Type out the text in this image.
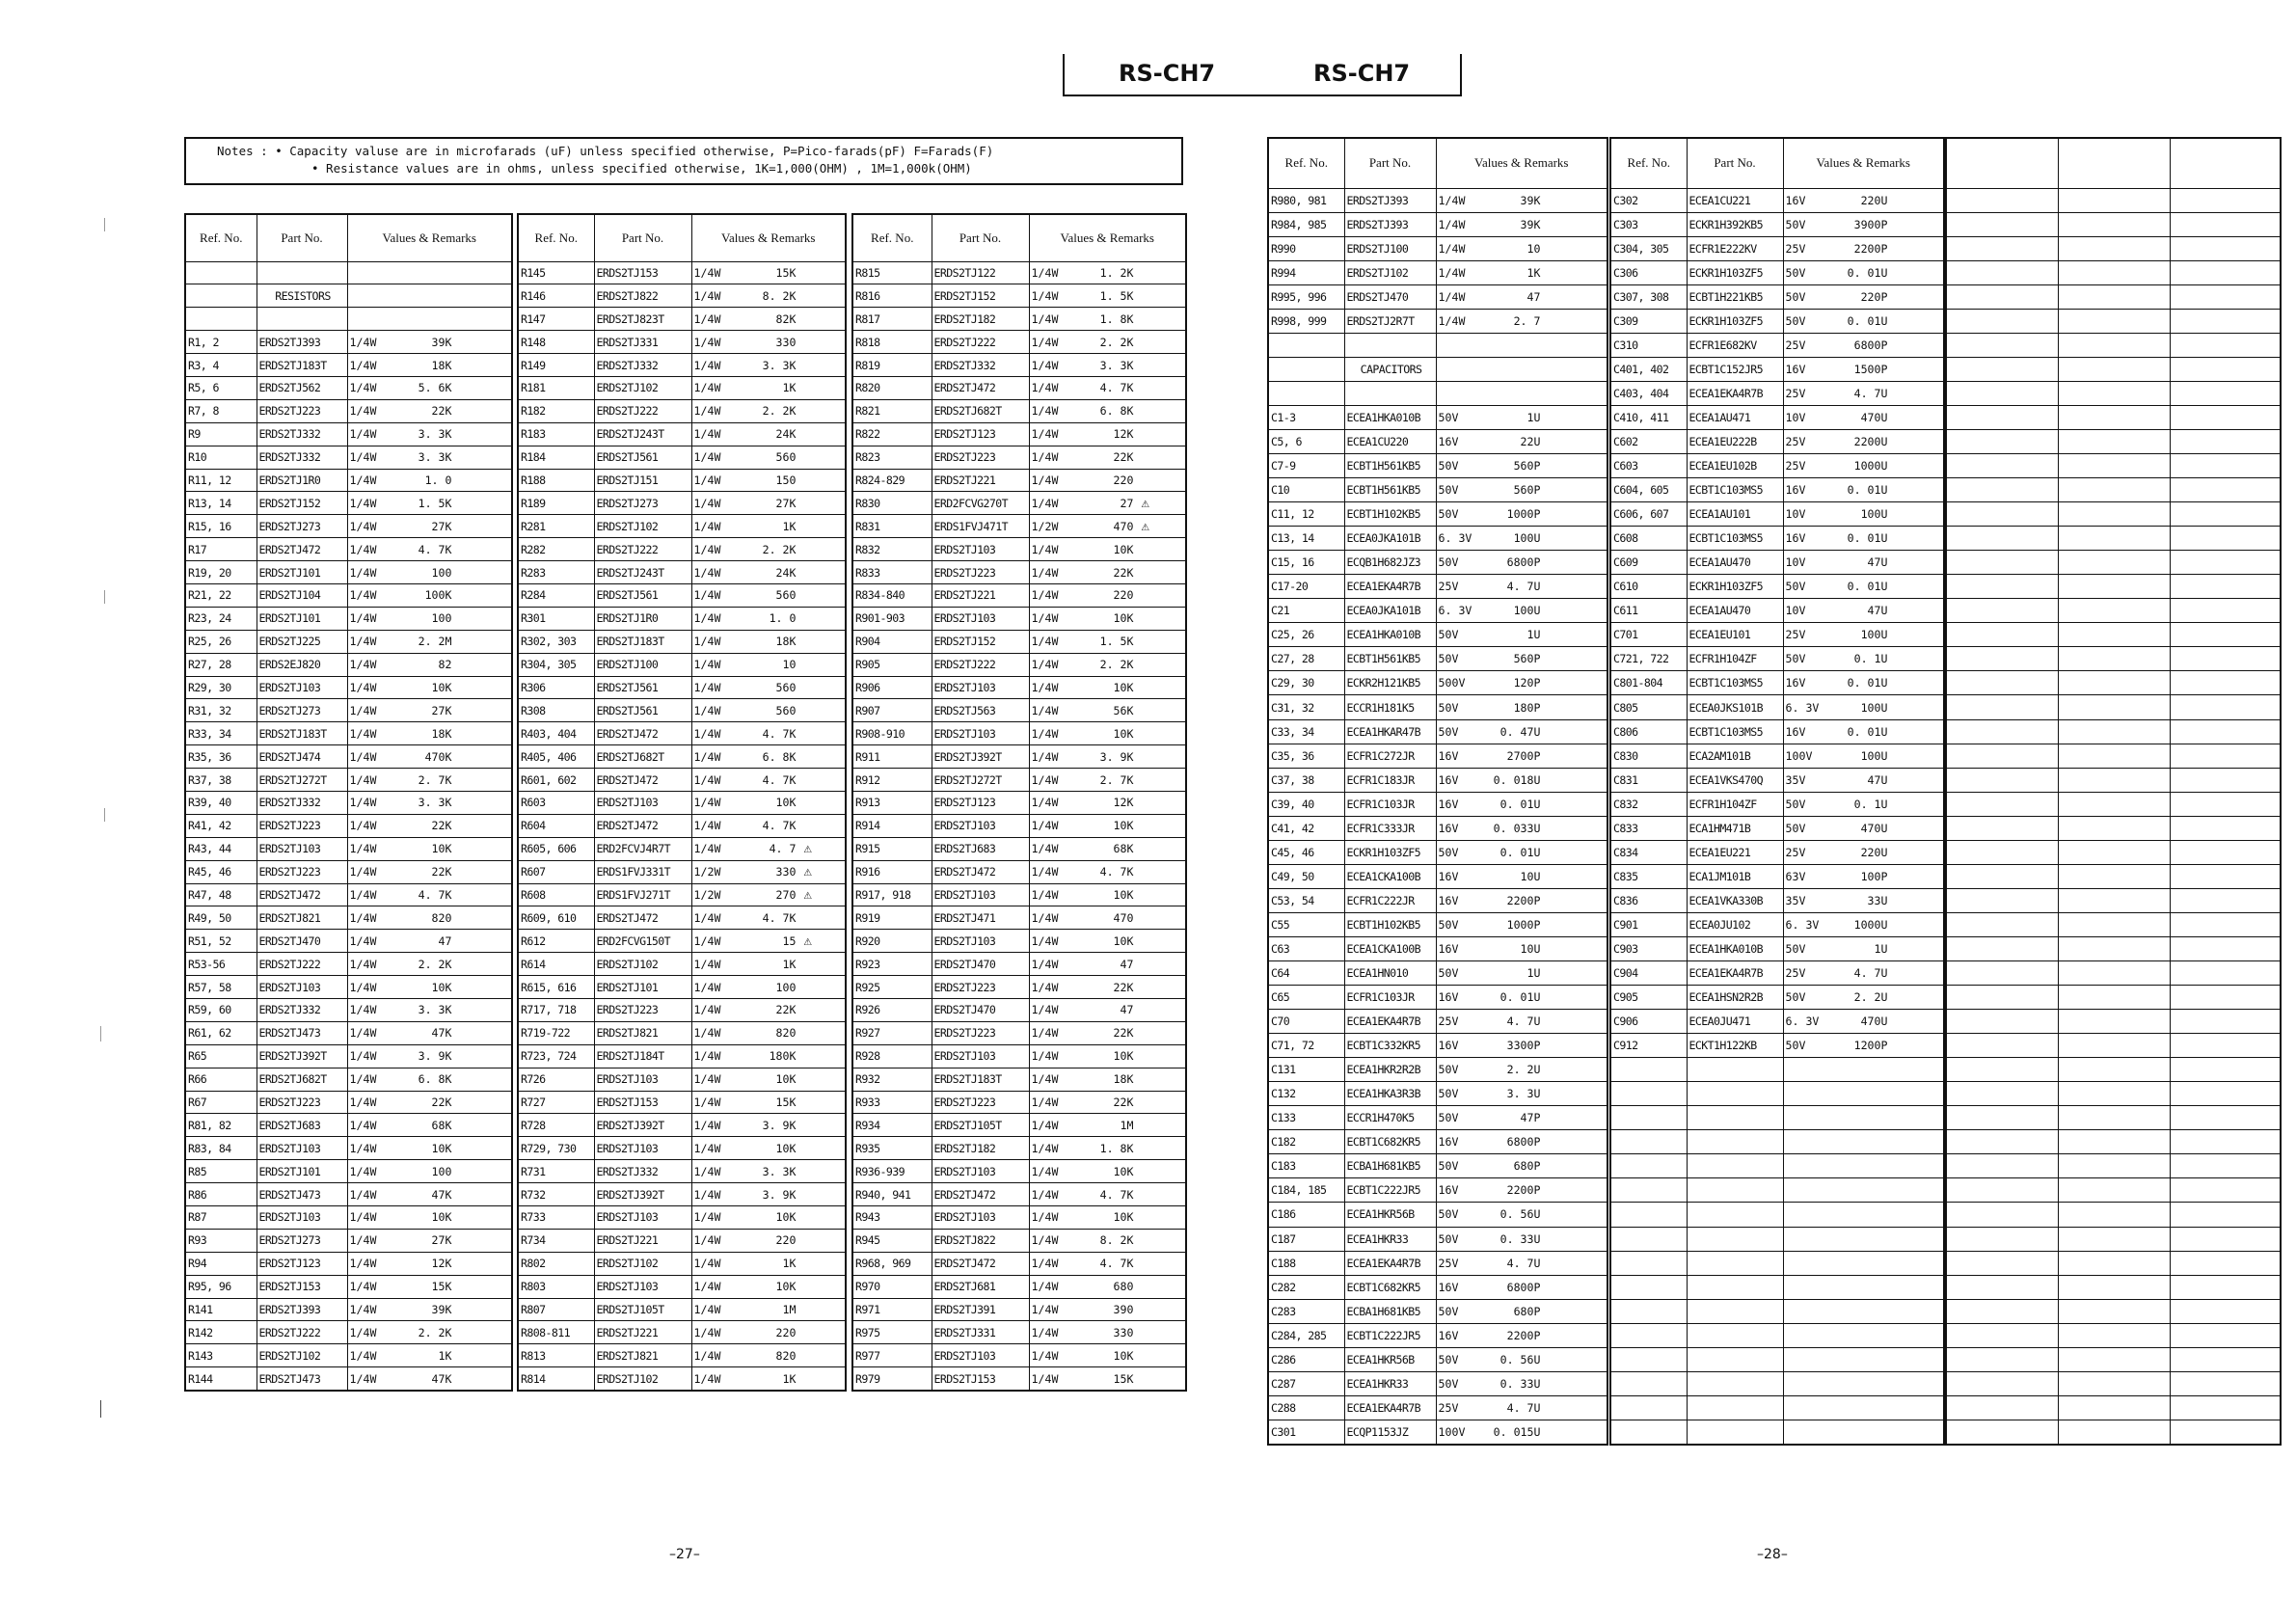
RS-CH7	RS-CH7
Notes : • Capacity valuse are in microfarads (uF) unless specified otherwise, P=Pico-farads(pF) F=Farads(F)
• Resistance values are in ohms, unless specified otherwise, 1K=1,000(OHM) , 1M=1,000k(OHM)
Ref. No.	Part No.	Values & Remarks

	RESISTORS	

R1, 2	ERDS2TJ393	1/4W 39K
R3, 4	ERDS2TJ183T	1/4W 18K
R5, 6	ERDS2TJ562	1/4W 5. 6K
R7, 8	ERDS2TJ223	1/4W 22K
R9	ERDS2TJ332	1/4W 3. 3K
R10	ERDS2TJ332	1/4W 3. 3K
R11, 12	ERDS2TJ1R0	1/4W 1. 0
R13, 14	ERDS2TJ152	1/4W 1. 5K
R15, 16	ERDS2TJ273	1/4W 27K
R17	ERDS2TJ472	1/4W 4. 7K
R19, 20	ERDS2TJ101	1/4W 100
R21, 22	ERDS2TJ104	1/4W 100K
R23, 24	ERDS2TJ101	1/4W 100
R25, 26	ERDS2TJ225	1/4W 2. 2M
R27, 28	ERDS2EJ820	1/4W 82
R29, 30	ERDS2TJ103	1/4W 10K
R31, 32	ERDS2TJ273	1/4W 27K
R33, 34	ERDS2TJ183T	1/4W 18K
R35, 36	ERDS2TJ474	1/4W 470K
R37, 38	ERDS2TJ272T	1/4W 2. 7K
R39, 40	ERDS2TJ332	1/4W 3. 3K
R41, 42	ERDS2TJ223	1/4W 22K
R43, 44	ERDS2TJ103	1/4W 10K
R45, 46	ERDS2TJ223	1/4W 22K
R47, 48	ERDS2TJ472	1/4W 4. 7K
R49, 50	ERDS2TJ821	1/4W 820
R51, 52	ERDS2TJ470	1/4W 47
R53-56	ERDS2TJ222	1/4W 2. 2K
R57, 58	ERDS2TJ103	1/4W 10K
R59, 60	ERDS2TJ332	1/4W 3. 3K
R61, 62	ERDS2TJ473	1/4W 47K
R65	ERDS2TJ392T	1/4W 3. 9K
R66	ERDS2TJ682T	1/4W 6. 8K
R67	ERDS2TJ223	1/4W 22K
R81, 82	ERDS2TJ683	1/4W 68K
R83, 84	ERDS2TJ103	1/4W 10K
R85	ERDS2TJ101	1/4W 100
R86	ERDS2TJ473	1/4W 47K
R87	ERDS2TJ103	1/4W 10K
R93	ERDS2TJ273	1/4W 27K
R94	ERDS2TJ123	1/4W 12K
R95, 96	ERDS2TJ153	1/4W 15K
R141	ERDS2TJ393	1/4W 39K
R142	ERDS2TJ222	1/4W 2. 2K
R143	ERDS2TJ102	1/4W 1K
R144	ERDS2TJ473	1/4W 47K
Ref. No.	Part No.	Values & Remarks
R145	ERDS2TJ153	1/4W 15K
R146	ERDS2TJ822	1/4W 8. 2K
R147	ERDS2TJ823T	1/4W 82K
R148	ERDS2TJ331	1/4W 330
R149	ERDS2TJ332	1/4W 3. 3K
R181	ERDS2TJ102	1/4W 1K
R182	ERDS2TJ222	1/4W 2. 2K
R183	ERDS2TJ243T	1/4W 24K
R184	ERDS2TJ561	1/4W 560
R188	ERDS2TJ151	1/4W 150
R189	ERDS2TJ273	1/4W 27K
R281	ERDS2TJ102	1/4W 1K
R282	ERDS2TJ222	1/4W 2. 2K
R283	ERDS2TJ243T	1/4W 24K
R284	ERDS2TJ561	1/4W 560
R301	ERDS2TJ1R0	1/4W 1. 0
R302, 303	ERDS2TJ183T	1/4W 18K
R304, 305	ERDS2TJ100	1/4W 10
R306	ERDS2TJ561	1/4W 560
R308	ERDS2TJ561	1/4W 560
R403, 404	ERDS2TJ472	1/4W 4. 7K
R405, 406	ERDS2TJ682T	1/4W 6. 8K
R601, 602	ERDS2TJ472	1/4W 4. 7K
R603	ERDS2TJ103	1/4W 10K
R604	ERDS2TJ472	1/4W 4. 7K
R605, 606	ERD2FCVJ4R7T	1/4W 4. 7 ⚠
R607	ERDS1FVJ331T	1/2W 330 ⚠
R608	ERDS1FVJ271T	1/2W 270 ⚠
R609, 610	ERDS2TJ472	1/4W 4. 7K
R612	ERD2FCVG150T	1/4W 15 ⚠
R614	ERDS2TJ102	1/4W 1K
R615, 616	ERDS2TJ101	1/4W 100
R717, 718	ERDS2TJ223	1/4W 22K
R719-722	ERDS2TJ821	1/4W 820
R723, 724	ERDS2TJ184T	1/4W 180K
R726	ERDS2TJ103	1/4W 10K
R727	ERDS2TJ153	1/4W 15K
R728	ERDS2TJ392T	1/4W 3. 9K
R729, 730	ERDS2TJ103	1/4W 10K
R731	ERDS2TJ332	1/4W 3. 3K
R732	ERDS2TJ392T	1/4W 3. 9K
R733	ERDS2TJ103	1/4W 10K
R734	ERDS2TJ221	1/4W 220
R802	ERDS2TJ102	1/4W 1K
R803	ERDS2TJ103	1/4W 10K
R807	ERDS2TJ105T	1/4W 1M
R808-811	ERDS2TJ221	1/4W 220
R813	ERDS2TJ821	1/4W 820
R814	ERDS2TJ102	1/4W 1K
Ref. No.	Part No.	Values & Remarks
R815	ERDS2TJ122	1/4W 1. 2K
R816	ERDS2TJ152	1/4W 1. 5K
R817	ERDS2TJ182	1/4W 1. 8K
R818	ERDS2TJ222	1/4W 2. 2K
R819	ERDS2TJ332	1/4W 3. 3K
R820	ERDS2TJ472	1/4W 4. 7K
R821	ERDS2TJ682T	1/4W 6. 8K
R822	ERDS2TJ123	1/4W 12K
R823	ERDS2TJ223	1/4W 22K
R824-829	ERDS2TJ221	1/4W 220
R830	ERD2FCVG270T	1/4W 27 ⚠
R831	ERDS1FVJ471T	1/2W 470 ⚠
R832	ERDS2TJ103	1/4W 10K
R833	ERDS2TJ223	1/4W 22K
R834-840	ERDS2TJ221	1/4W 220
R901-903	ERDS2TJ103	1/4W 10K
R904	ERDS2TJ152	1/4W 1. 5K
R905	ERDS2TJ222	1/4W 2. 2K
R906	ERDS2TJ103	1/4W 10K
R907	ERDS2TJ563	1/4W 56K
R908-910	ERDS2TJ103	1/4W 10K
R911	ERDS2TJ392T	1/4W 3. 9K
R912	ERDS2TJ272T	1/4W 2. 7K
R913	ERDS2TJ123	1/4W 12K
R914	ERDS2TJ103	1/4W 10K
R915	ERDS2TJ683	1/4W 68K
R916	ERDS2TJ472	1/4W 4. 7K
R917, 918	ERDS2TJ103	1/4W 10K
R919	ERDS2TJ471	1/4W 470
R920	ERDS2TJ103	1/4W 10K
R923	ERDS2TJ470	1/4W 47
R925	ERDS2TJ223	1/4W 22K
R926	ERDS2TJ470	1/4W 47
R927	ERDS2TJ223	1/4W 22K
R928	ERDS2TJ103	1/4W 10K
R932	ERDS2TJ183T	1/4W 18K
R933	ERDS2TJ223	1/4W 22K
R934	ERDS2TJ105T	1/4W 1M
R935	ERDS2TJ182	1/4W 1. 8K
R936-939	ERDS2TJ103	1/4W 10K
R940, 941	ERDS2TJ472	1/4W 4. 7K
R943	ERDS2TJ103	1/4W 10K
R945	ERDS2TJ822	1/4W 8. 2K
R968, 969	ERDS2TJ472	1/4W 4. 7K
R970	ERDS2TJ681	1/4W 680
R971	ERDS2TJ391	1/4W 390
R975	ERDS2TJ331	1/4W 330
R977	ERDS2TJ103	1/4W 10K
R979	ERDS2TJ153	1/4W 15K
Ref. No.	Part No.	Values & Remarks
R980, 981	ERDS2TJ393	1/4W 39K
R984, 985	ERDS2TJ393	1/4W 39K
R990	ERDS2TJ100	1/4W 10
R994	ERDS2TJ102	1/4W 1K
R995, 996	ERDS2TJ470	1/4W 47
R998, 999	ERDS2TJ2R7T	1/4W 2. 7

	CAPACITORS	

C1-3	ECEA1HKA010B	50V 1U
C5, 6	ECEA1CU220	16V 22U
C7-9	ECBT1H561KB5	50V 560P
C10	ECBT1H561KB5	50V 560P
C11, 12	ECBT1H102KB5	50V 1000P
C13, 14	ECEA0JKA101B	6. 3V 100U
C15, 16	ECQB1H682JZ3	50V 6800P
C17-20	ECEA1EKA4R7B	25V 4. 7U
C21	ECEA0JKA101B	6. 3V 100U
C25, 26	ECEA1HKA010B	50V 1U
C27, 28	ECBT1H561KB5	50V 560P
C29, 30	ECKR2H121KB5	500V 120P
C31, 32	ECCR1H181K5	50V 180P
C33, 34	ECEA1HKAR47B	50V 0. 47U
C35, 36	ECFR1C272JR	16V 2700P
C37, 38	ECFR1C183JR	16V 0. 018U
C39, 40	ECFR1C103JR	16V 0. 01U
C41, 42	ECFR1C333JR	16V 0. 033U
C45, 46	ECKR1H103ZF5	50V 0. 01U
C49, 50	ECEA1CKA100B	16V 10U
C53, 54	ECFR1C222JR	16V 2200P
C55	ECBT1H102KB5	50V 1000P
C63	ECEA1CKA100B	16V 10U
C64	ECEA1HN010	50V 1U
C65	ECFR1C103JR	16V 0. 01U
C70	ECEA1EKA4R7B	25V 4. 7U
C71, 72	ECBT1C332KR5	16V 3300P
C131	ECEA1HKR2R2B	50V 2. 2U
C132	ECEA1HKA3R3B	50V 3. 3U
C133	ECCR1H470K5	50V 47P
C182	ECBT1C682KR5	16V 6800P
C183	ECBA1H681KB5	50V 680P
C184, 185	ECBT1C222JR5	16V 2200P
C186	ECEA1HKR56B	50V 0. 56U
C187	ECEA1HKR33	50V 0. 33U
C188	ECEA1EKA4R7B	25V 4. 7U
C282	ECBT1C682KR5	16V 6800P
C283	ECBA1H681KB5	50V 680P
C284, 285	ECBT1C222JR5	16V 2200P
C286	ECEA1HKR56B	50V 0. 56U
C287	ECEA1HKR33	50V 0. 33U
C288	ECEA1EKA4R7B	25V 4. 7U
C301	ECQP1153JZ	100V 0. 015U
Ref. No.	Part No.	Values & Remarks
C302	ECEA1CU221	16V 220U
C303	ECKR1H392KB5	50V 3900P
C304, 305	ECFR1E222KV	25V 2200P
C306	ECKR1H103ZF5	50V 0. 01U
C307, 308	ECBT1H221KB5	50V 220P
C309	ECKR1H103ZF5	50V 0. 01U
C310	ECFR1E682KV	25V 6800P
C401, 402	ECBT1C152JR5	16V 1500P
C403, 404	ECEA1EKA4R7B	25V 4. 7U
C410, 411	ECEA1AU471	10V 470U
C602	ECEA1EU222B	25V 2200U
C603	ECEA1EU102B	25V 1000U
C604, 605	ECBT1C103MS5	16V 0. 01U
C606, 607	ECEA1AU101	10V 100U
C608	ECBT1C103MS5	16V 0. 01U
C609	ECEA1AU470	10V 47U
C610	ECKR1H103ZF5	50V 0. 01U
C611	ECEA1AU470	10V 47U
C701	ECEA1EU101	25V 100U
C721, 722	ECFR1H104ZF	50V 0. 1U
C801-804	ECBT1C103MS5	16V 0. 01U
C805	ECEA0JKS101B	6. 3V 100U
C806	ECBT1C103MS5	16V 0. 01U
C830	ECA2AM101B	100V 100U
C831	ECEA1VKS470Q	35V 47U
C832	ECFR1H104ZF	50V 0. 1U
C833	ECA1HM471B	50V 470U
C834	ECEA1EU221	25V 220U
C835	ECA1JM101B	63V 100P
C836	ECEA1VKA330B	35V 33U
C901	ECEA0JU102	6. 3V 1000U
C903	ECEA1HKA010B	50V 1U
C904	ECEA1EKA4R7B	25V 4. 7U
C905	ECEA1HSN2R2B	50V 2. 2U
C906	ECEA0JU471	6. 3V 470U
C912	ECKT1H122KB	50V 1200P

–27–	–28–
